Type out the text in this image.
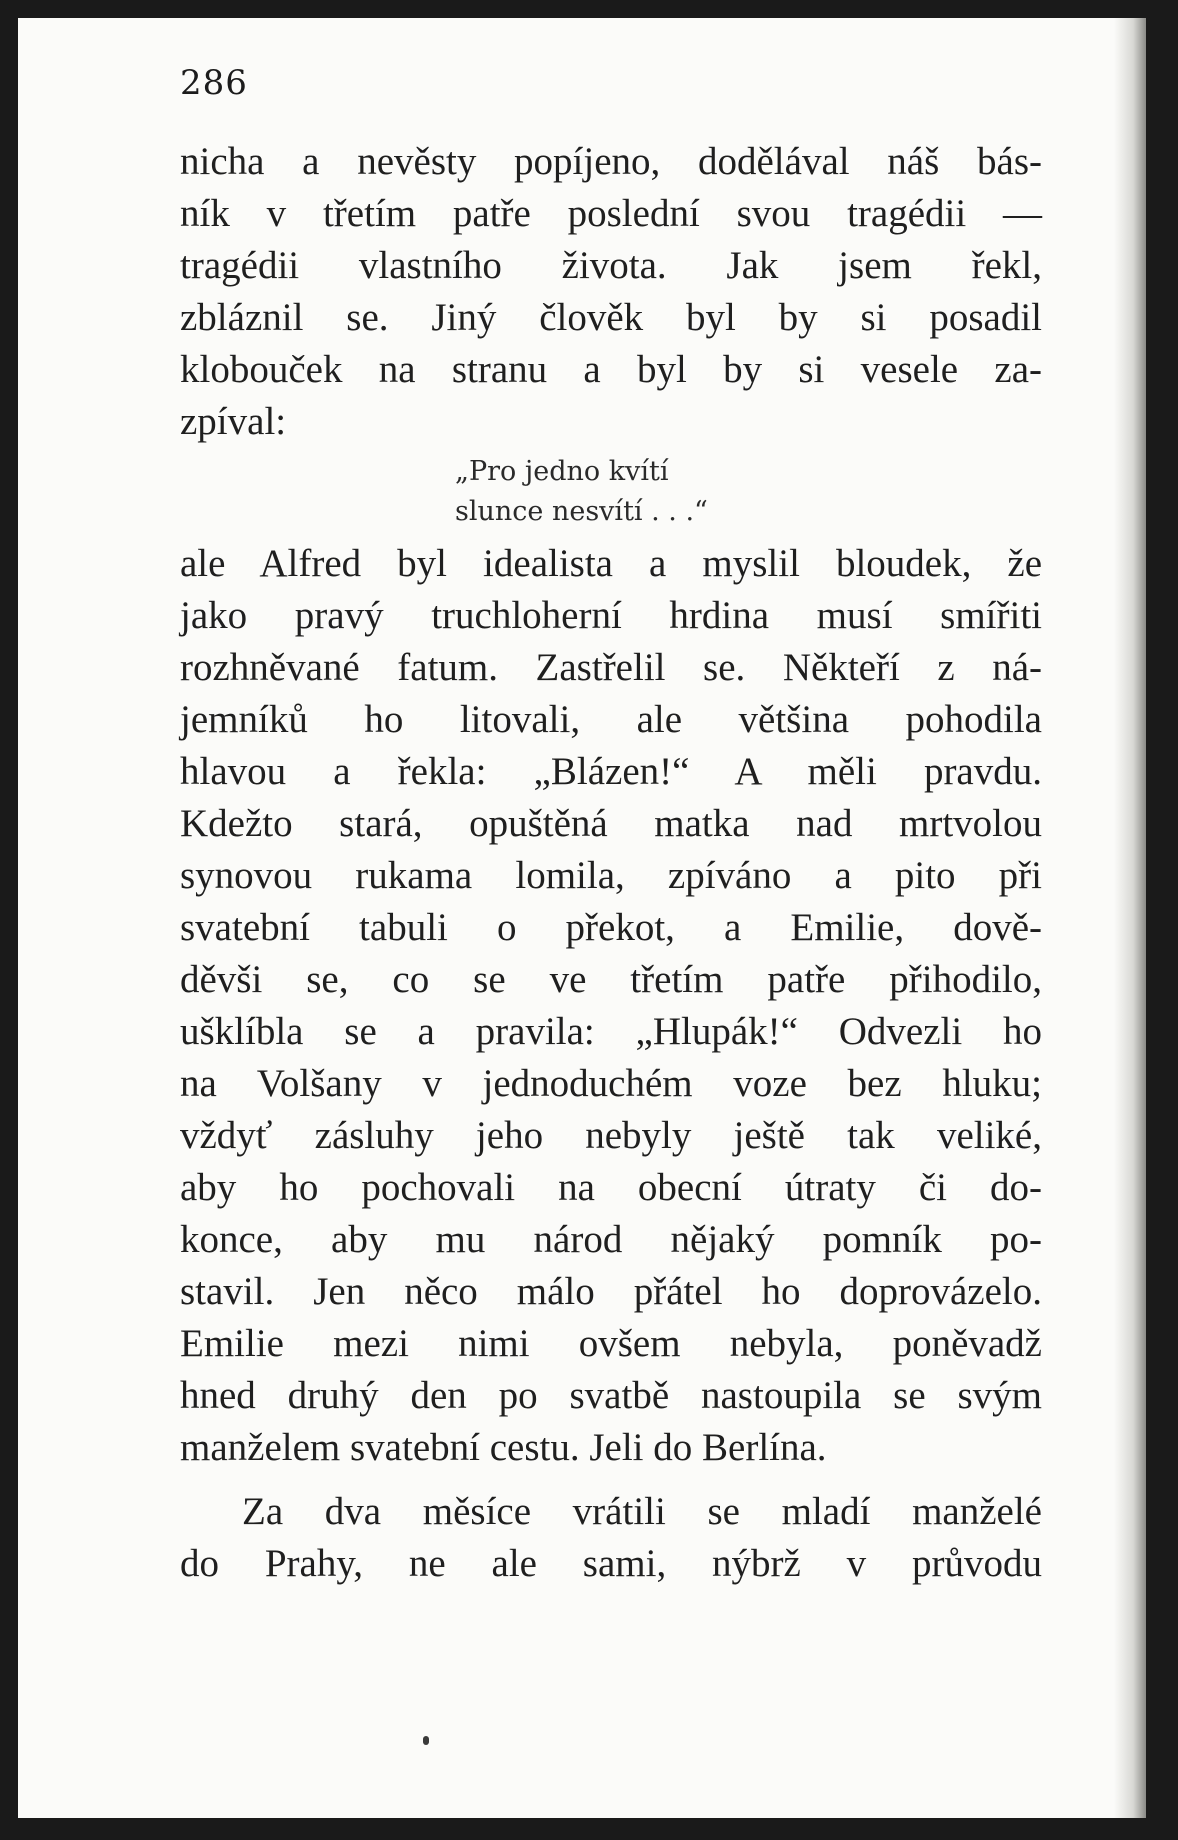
286
nicha a nevěsty popíjeno, dodělával náš bás-
ník v třetím patře poslední svou tragédii —
tragédii vlastního života. Jak jsem řekl,
zbláznil se. Jiný člověk byl by si posadil
klobouček na stranu a byl by si vesele za-
zpíval:
„Pro jedno kvítí
slunce nesvítí . . .“
ale Alfred byl idealista a myslil bloudek, že
jako pravý truchloherní hrdina musí smířiti
rozhněvané fatum. Zastřelil se. Někteří z ná-
jemníků ho litovali, ale většina pohodila
hlavou a řekla: „Blázen!“ A měli pravdu.
Kdežto stará, opuštěná matka nad mrtvolou
synovou rukama lomila, zpíváno a pito při
svatební tabuli o překot, a Emilie, dově-
děvši se, co se ve třetím patře přihodilo,
ušklíbla se a pravila: „Hlupák!“ Odvezli ho
na Volšany v jednoduchém voze bez hluku;
vždyť zásluhy jeho nebyly ještě tak veliké,
aby ho pochovali na obecní útraty či do-
konce, aby mu národ nějaký pomník po-
stavil. Jen něco málo přátel ho doprovázelo.
Emilie mezi nimi ovšem nebyla, poněvadž
hned druhý den po svatbě nastoupila se svým
manželem svatební cestu. Jeli do Berlína.
Za dva měsíce vrátili se mladí manželé
do Prahy, ne ale sami, nýbrž v průvodu
